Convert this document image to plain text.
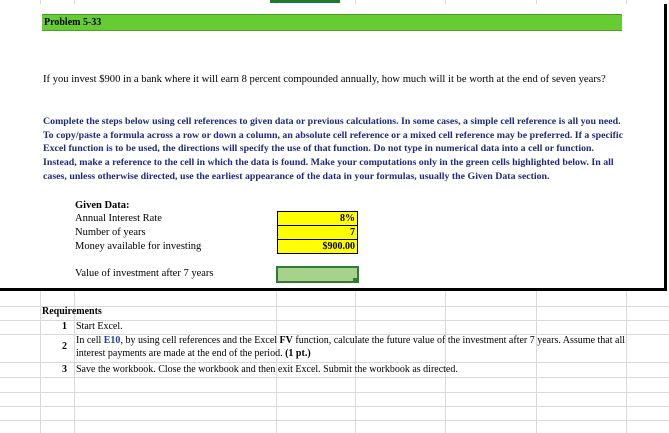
Problem 5-33
If you invest $900 in a bank where it will earn 8 percent compounded annually, how much will it be worth at the end of seven years?
Complete the steps below using cell references to given data or previous calculations. In some cases, a simple cell reference is all you need. To copy/paste a formula across a row or down a column, an absolute cell reference or a mixed cell reference may be preferred. If a specific Excel function is to be used, the directions will specify the use of that function. Do not type in numerical data into a cell or function. Instead, make a reference to the cell in which the data is found. Make your computations only in the green cells highlighted below. In all cases, unless otherwise directed, use the earliest appearance of the data in your formulas, usually the Given Data section.
Given Data:
Annual Interest Rate	8%
Number of years	7
Money available for investing	$900.00
Value of investment after 7 years
Requirements
1 Start Excel.
2
In cell E10, by using cell references and the Excel FV function, calculate the future value of the investment after 7 years. Assume that all interest payments are made at the end of the period. (1 pt.)
3 Save the workbook. Close the workbook and then exit Excel. Submit the workbook as directed.
